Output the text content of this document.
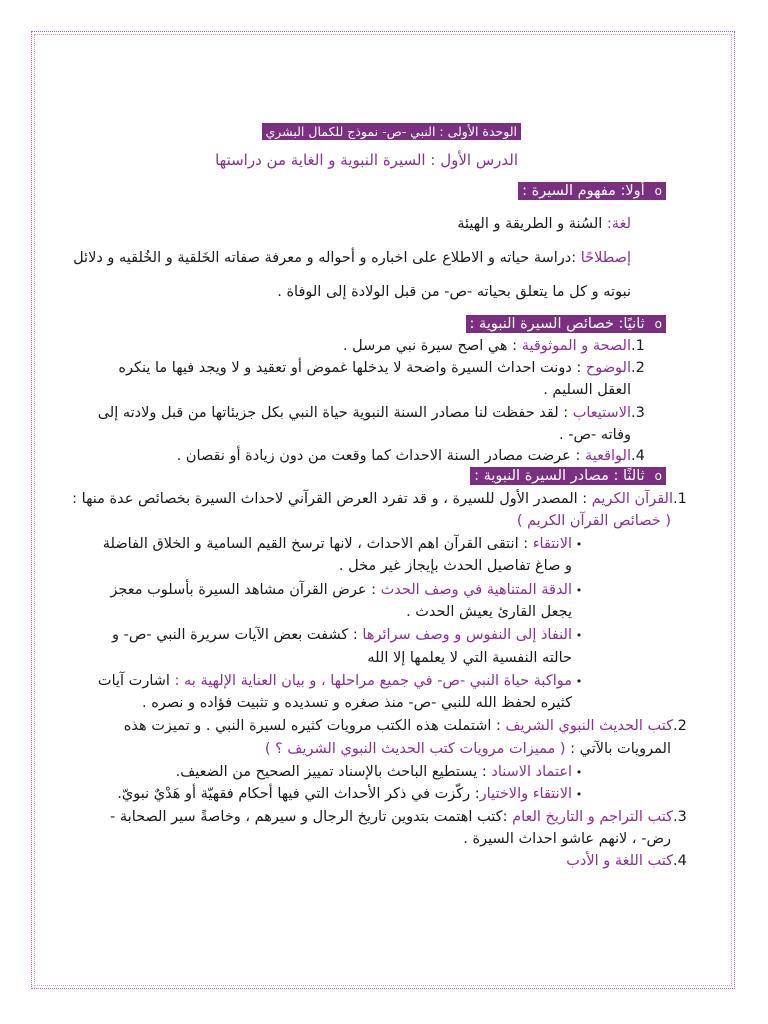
الوحدة الأولى : النبي -ص- نموذج للكمال البشري
الدرس الأول : السيرة النبوية و الغاية من دراستها
oأولا: مفهوم السيرة :
لغة: السُنة و الطريقة و الهيئة
إصطلاحًا :دراسة حياته و الاطلاع على اخباره و أحواله و معرفة صفاته الخَلقية و الخُلقيه و دلائل
نبوته و كل ما يتعلق بحياته -ص- من قبل الولادة إلى الوفاة .
oثانيًا: خصائص السيرة النبوية :
1.الصحة و الموثوقية : هي اصح سيرة نبي مرسل .
2.الوضوح : دونت احداث السيرة واضحة لا يدخلها غموض أو تعقيد و لا ويجد فيها ما ينكره
العقل السليم .
3.الاستيعاب : لقد حفظت لنا مصادر السنة النبوية حياة النبي بكل جزيئاتها من قبل ولادته إلى
وفاته -ص- .
4.الواقعية : عرضت مصادر السنة الاحداث كما وقعت من دون زيادة أو نقصان .
oثالثًا : مصادر السيرة النبوية :
1.القرآن الكريم : المصدر الأول للسيرة ، و قد تفرد العرض القرآني لاحداث السيرة بخصائص عدة منها :
( خصائص القرآن الكريم )
•الانتقاء : انتقى القرآن اهم الاحداث ، لانها ترسخ القيم السامية و الخلاق الفاضلة
و صاغ تفاصيل الحدث بإيجاز غير مخل .
•الدقة المتناهية في وصف الحدث : عرض القرآن مشاهد السيرة بأسلوب معجز
يجعل القارئ يعيش الحدث .
•النفاذ إلى النفوس و وصف سرائرها : كشفت بعض الآيات سريرة النبي -ص- و
حالته النفسية التي لا يعلمها إلا الله
•مواكبة حياة النبي -ص- في جميع مراحلها ، و بيان العناية الإلهية به : اشارت آيات
كثيره لحفظ الله للنبي -ص- منذ صغره و تسديده و تثبيت فؤاده و نصره .
2.كتب الحديث النبوي الشريف : اشتملت هذه الكتب مرويات كثيره لسيرة النبي . و تميزت هذه
المرويات بالآتي : ( مميزات مرويات كتب الحديث النبوي الشريف ؟ )
•اعتماد الاسناد : يستطيع الباحث بالإسناد تمييز الصحيح من الضعيف.
•الانتقاء والاختيار: ركّزت في ذكر الأحداث التي فيها أحكام فقهيّة أو هَدْيٌ نبويّ.
3.كتب التراجم و التاريخ العام :كتب اهتمت بتدوين تاريخ الرجال و سيرهم ، وخاصةً سير الصحابة -
رض- ، لانهم عاشو احداث السيرة .
4.كتب اللغة و الأدب
